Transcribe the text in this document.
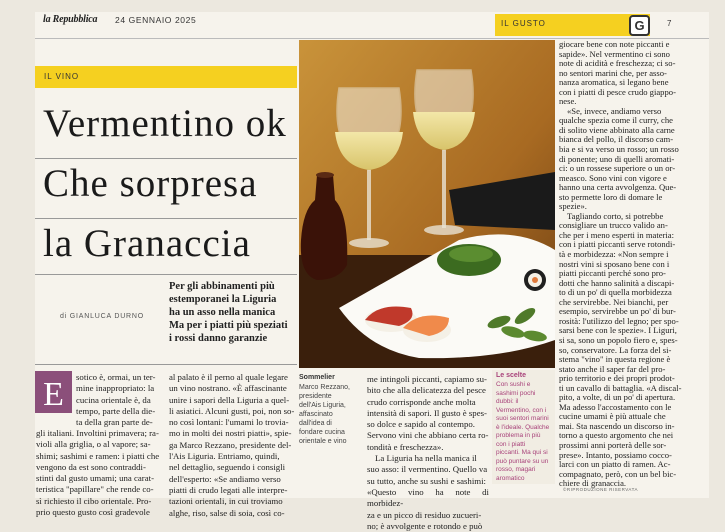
la Repubblica 24 GENNAIO 2025	IL GUSTO	G	7
IL VINO
Vermentino ok
Che sorpresa
la Granaccia
di GIANLUCA DURNO
Per gli abbinamenti più
estemporanei la Liguria
ha un asso nella manica
Ma per i piatti più speziati
i rossi danno garanzie
E sotico è, ormai, un ter-
mine inappropriato: la
cucina orientale è, da
tempo, parte della die-
ta della gran parte de-
gli italiani. Involtini primavera; ra-
violi alla griglia, o al vapore; sa-
shimi; sashimi e ramen: i piatti che
vengono da est sono contraddi-
stinti dal gusto umami; una carat-
teristica "papillare" che rende co-
sì richiesto il cibo orientale. Pro-
prio questo gusto così gradevole
al palato è il perno al quale legare
un vino nostrano. «È affascinante
unire i sapori della Liguria a quel-
li asiatici. Alcuni gusti, poi, non so-
no così lontani: l'umami lo trovia-
mo in molti dei nostri piatti», spie-
ga Marco Rezzano, presidente del-
l'Ais Liguria. Entriamo, quindi,
nel dettaglio, seguendo i consigli
dell'esperto: «Se andiamo verso
piatti di crudo legati alle interpre-
tazioni orientali, in cui troviamo
alghe, riso, salse di soia, così co-
Sommelier
Marco Rezzano,
presidente
dell'Ais Liguria,
affascinato
dall'idea di
fondare cucina
orientale e vino
me intingoli piccanti, capiamo su-
bito che alla delicatezza del pesce
crudo corrisponde anche molta
intensità di sapori. Il gusto è spes-
so dolce e sapido al contempo.
Servono vini che abbiano certa ro-
tondità e freschezza».
La Liguria ha nella manica il
suo asso: il vermentino. Quello va
su tutto, anche su sushi e sashimi:
«Questo vino ha note di morbidez-
za e un picco di residuo zucueri-
no; è avvolgente e rotondo e può
Le scelte
Con sushi e
sashimi pochi
dubbi: il
Vermentino, con i
suoi sentori marini
è l'ideale. Qualche
problema in più
con i piatti
piccanti. Ma qui si
può puntare su un
rosso, magari
aromatico
giocare bene con note piccanti e
sapide». Nel vermentino ci sono
note di acidità e freschezza; ci so-
no sentori marini che, per asso-
nanza aromatica, si legano bene
con i piatti di pesce crudo giappo-
nese.
«Se, invece, andiamo verso
qualche spezia come il curry, che
di solito viene abbinato alla carne
bianca del pollo, il discorso cam-
bia e si va verso un rosso; un rosso
di ponente; uno di quelli aromati-
ci: o un rossese superiore o un or-
measco. Sono vini con vigore e
hanno una certa avvolgenza. Que-
sto permette loro di domare le
spezie».
Tagliando corto, si potrebbe
consigliare un trucco valido an-
che per i meno esperti in materia:
con i piatti piccanti serve rotondi-
tà e morbidezza: «Non sempre i
nostri vini si sposano bene con i
piatti piccanti perché sono pro-
dotti che hanno salinità a discapi-
to di un po' di quella morbidezza
che servirebbe. Nei bianchi, per
esempio, servirebbe un po' di bur-
rosità: l'utilizzo del legno; per spo-
sarsi bene con le spezie». I Liguri,
si sa, sono un popolo fiero e, spes-
so, conservatore. La forza del si-
stema "vino" in questa regione è
stato anche il saper far del pro-
prio territorio e dei propri prodot-
ti un cavallo di battaglia. «A discal-
pito, a volte, di un po' di apertura.
Ma adesso l'accostamento con le
cucine umami è più attuale che
mai. Sta nascendo un discorso in-
torno a questo argomento che nei
prossimi anni porterà delle sor-
prese». Intanto, possiamo cocco-
larci con un piatto di ramen. Ac-
compagnato, però, con un bel bic-
chiere di granaccia.
©RIPRODUZIONE RISERVATA
